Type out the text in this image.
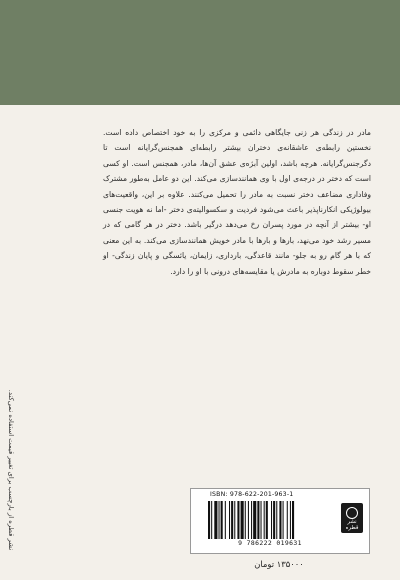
مادر در زندگی هر زنی جایگاهی دائمی و مرکزی را به خود اختصاص داده است. نخستین رابطه‌ی عاشقانه‌ی دختران بیشتر رابطه‌ای همجنس‌گرایانه است تا دگرجنس‌گرایانه. هرچه باشد، اولین آبژه‌ی عشق آن‌ها، مادر، همجنس است. او کسی است که دختر در درجه‌ی اول با وی همانندسازی می‌کند. این دو عامل به‌طور مشترک وفاداری مضاعف دختر نسبت به مادر را تحمیل می‌کنند. علاوه بر این، واقعیت‌های بیولوژیکی انکارناپذیر باعث می‌شود فردیت و سکسوالیته‌ی دختر -اما نه هویت جنسی او- بیشتر از آنچه در مورد پسران رخ می‌دهد درگیر باشد. دختر در هر گامی که در مسیر رشد خود می‌نهد، بارها و بارها با مادر خویش همانندسازی می‌کند. به این معنی که با هر گام رو به جلو- مانند قاعدگی، بارداری، زایمان، یائسگی و پایان زندگی- او خطر سقوط دوباره به مادرش یا مقایسه‌های درونی با او را دارد.

نشر قطره از بارچسب برای تغییر قیمت استفاده نمی‌کند.	ISBN: 978-622-201-963-1
9 786222 019631
نشر قطره
۱۳۵۰۰۰ تومان
